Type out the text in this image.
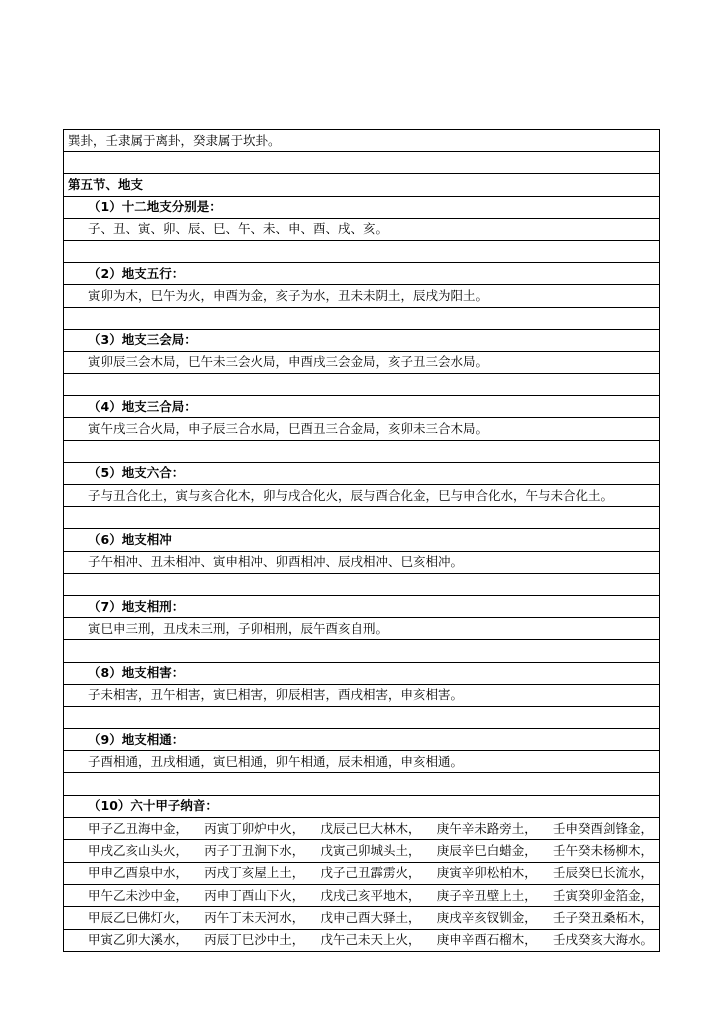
巽卦，壬隶属于离卦，癸隶属于坎卦。

第五节、地支
（1）十二地支分别是：
子、丑、寅、卯、辰、巳、午、未、申、酉、戌、亥。

（2）地支五行：
寅卯为木，巳午为火，申酉为金，亥子为水，丑未未阴土，辰戌为阳土。

（3）地支三会局：
寅卯辰三会木局，巳午未三会火局，申酉戌三会金局，亥子丑三会水局。

（4）地支三合局：
寅午戌三合火局，申子辰三合水局，巳酉丑三合金局，亥卯未三合木局。

（5）地支六合：
子与丑合化土，寅与亥合化木，卯与戌合化火，辰与酉合化金，巳与申合化水，午与未合化土。

（6）地支相冲
子午相冲、丑未相冲、寅申相冲、卯酉相冲、辰戌相冲、巳亥相冲。

（7）地支相刑：
寅巳申三刑，丑戌未三刑，子卯相刑，辰午酉亥自刑。

（8）地支相害：
子未相害，丑午相害，寅巳相害，卯辰相害，酉戌相害，申亥相害。

（9）地支相通：
子酉相通，丑戌相通，寅巳相通，卯午相通，辰未相通，申亥相通。

（10）六十甲子纳音：

甲子乙丑海中金， 丙寅丁卯炉中火， 戊辰己巳大林木， 庚午辛未路旁土， 壬申癸酉剑锋金，

甲戌乙亥山头火， 丙子丁丑涧下水， 戊寅己卯城头土， 庚辰辛巳白蜡金， 壬午癸未杨柳木，

甲申乙酉泉中水， 丙戌丁亥屋上土， 戊子己丑霹雳火， 庚寅辛卯松柏木， 壬辰癸巳长流水，

甲午乙未沙中金， 丙申丁酉山下火， 戊戌己亥平地木， 庚子辛丑壁上土， 壬寅癸卯金箔金，

甲辰乙巳佛灯火， 丙午丁未天河水， 戊申己酉大驿土， 庚戌辛亥钗钏金， 壬子癸丑桑柘木，

甲寅乙卯大溪水， 丙辰丁巳沙中土， 戊午己未天上火， 庚申辛酉石榴木， 壬戌癸亥大海水。
